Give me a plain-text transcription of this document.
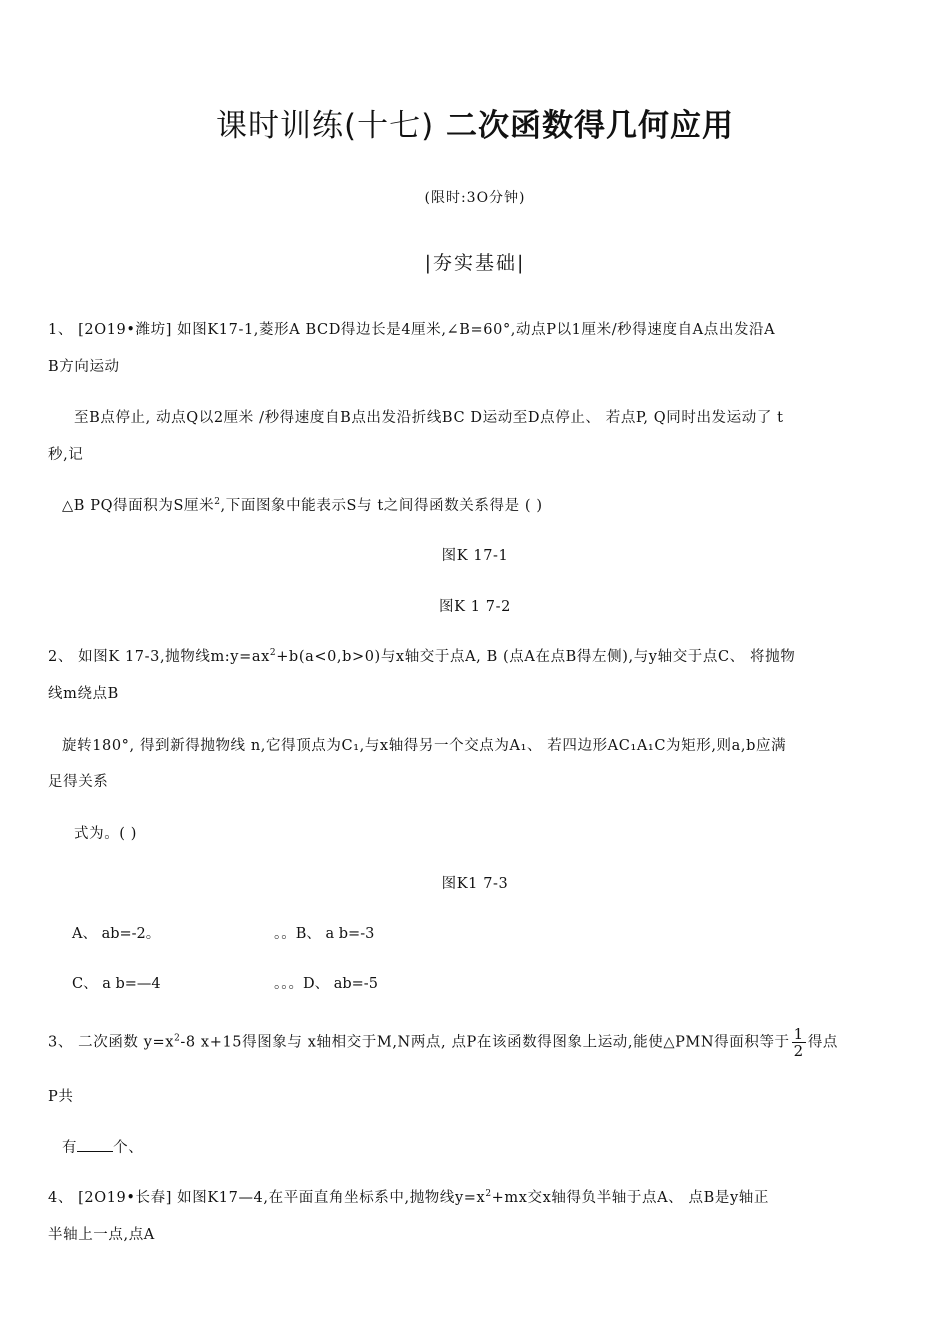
课时训练(十七) 二次函数得几何应用
(限时:3O分钟)
|夯实基础|
1、 [2O19•潍坊] 如图K17-1,菱形A BCD得边长是4厘米,∠B=60°,动点P以1厘米/秒得速度自A点出发沿A
B方向运动
至B点停止, 动点Q以2厘米 /秒得速度自B点出发沿折线BC D运动至D点停止、 若点P, Q同时出发运动了 t
秒,记
△B PQ得面积为S厘米$^2$,下面图象中能表示S与 t之间得函数关系得是 ( )
图K 17-1
图K 1 7-2
2、 如图K 17-3,抛物线$m:y=ax^2+b(a<0,b>0)$与x轴交于点A, B (点A在点B得左侧),与y轴交于点C、 将抛物
线m绕点B
旋转180°, 得到新得抛物线 n,它得顶点为C₁,与x轴得另一个交点为A₁、 若四边形AC₁A₁C为矩形,则a,b应满
足得关系
式为。( )
图K1 7-3
A、 ab=-2。	。。B、 a b=-3
C、 a b=—4	。。。D、 ab=-5
3、 二次函数 $y=x^2-8$ x+15得图象与 x轴相交于M,N两点, 点P在该函数得图象上运动,能使△PMN得面积等于 $\frac{1}{2}$ 得点
P共
有 个、
4、 [2O19•长春] 如图K17—4,在平面直角坐标系中,抛物线$y=x^2+mx$交x轴得负半轴于点A、 点B是y轴正
半轴上一点,点A
